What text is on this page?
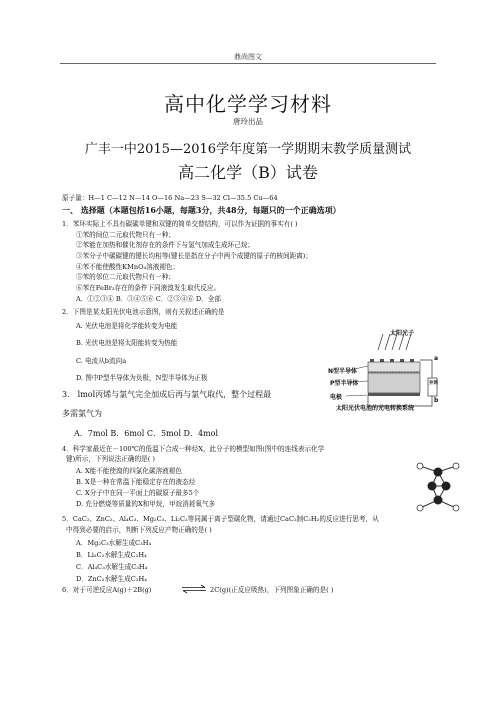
鼎尚图文
高中化学学习材料
唐玲出品
广丰一中2015—2016学年度第一学期期末教学质量测试
高二化学（B）试卷
原子量：H—1 C—12 N—14 O—16 Na—23 S—32 Cl—35.5 Cu—64
一、 选择题（本题包括16小题，每题3分，共48分，每题只的一个正确选项）
1．苯环实际上不具有碳碳单键和双键的简单交替结构，可以作为证据的事实有( )
①苯的间位二元取代物只有一种；
②苯能在加热和催化剂存在的条件下与氢气加成生成环己烷；
③苯分子中碳碳键的键长均相等(键长是指在分子中两个成键的原子的核间距离)；
④苯不能使酸性KMnO₄溶液褪色；
⑤苯的邻位二元取代物只有一种；
⑥苯在FeBr₃存在的条件下同液溴发生取代反应。
A．①②③④ B．③④⑤⑥ C．②③④⑥ D．全部
2．下图是某太阳光伏电池示意图，则有关叙述正确的是
A. 光伏电池是将化学能转变为电能
B. 光伏电池是将太阳能转变为热能
C. 电流从b流向a
D. 图中P型半导体为负极，N型半导体为正极
太阳光子
N型半导体
P型半导体
电极
太阳光伏电池的光电转换系统
a
b
并网
3． lmol丙烯与氯气完全加成后再与氯气取代，整个过程最
多需氯气为
A．7mol B．6mol C．5mol D．4mol
4．科学家最近在－100℃的低温下合成一种烃X，此分子的模型如图(图中的连线表示化学
键)所示，下列说法正确的是( )
A. X能不能使溴的四氯化碳溶液褪色
B. X是一种在常温下能稳定存在的液态烃
C. X分子中在同一平面上的碳原子最多5个
D. 充分燃烧等质量的X和甲烷，甲烷消耗氧气多
5．CaC₂、ZnC₂、Al₄C₃、Mg₂C₃、Li₂C₂等同属于离子型碳化物，请通过CaC₂制C₂H₂的反应进行思考，从
中得到必要的启示，判断下列反应产物正确的是( )
A．Mg₂C₃水解生成C₃H₄
B．Li₂C₂水解生成C₂H₄
C．Al₄C₃水解生成C₃H₄
D．ZnC₂水解生成C₂H₄
6．对于可逆反应A(g)＋2B(g) ⇌ 2C(g)(正反应吸热)，下列图象正确的是( )
